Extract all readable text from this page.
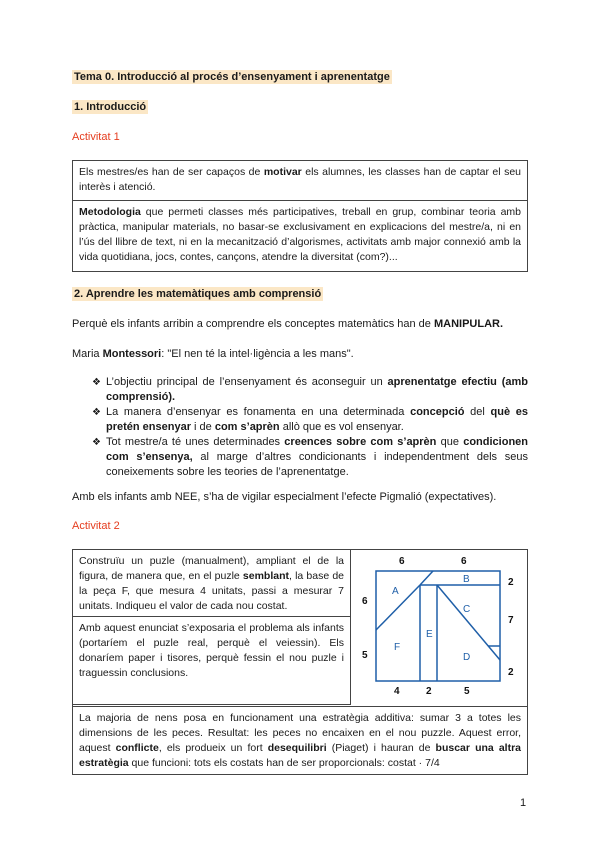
Tema 0. Introducció al procés d’ensenyament i aprenentatge
1. Introducció
Activitat 1
Els mestres/es han de ser capaços de motivar els alumnes, les classes han de captar el seu interès i atenció.
Metodologia que permeti classes més participatives, treball en grup, combinar teoria amb pràctica, manipular materials, no basar-se exclusivament en explicacions del mestre/a, ni en l’ús del llibre de text, ni en la mecanització d’algorismes, activitats amb major connexió amb la vida quotidiana, jocs, contes, cançons, atendre la diversitat (com?)...
2. Aprendre les matemàtiques amb comprensió

Perquè els infants arribin a comprendre els conceptes matemàtics han de MANIPULAR.

Maria Montessori: "El nen té la intel·ligència a les mans".

❖ L’objectiu principal de l’ensenyament és aconseguir un aprenentatge efectiu (amb comprensió).
❖ La manera d’ensenyar es fonamenta en una determinada concepció del què es pretén ensenyar i de com s’aprèn allò que es vol ensenyar.
❖ Tot mestre/a té unes determinades creences sobre com s’aprèn que condicionen com s’ensenya, al marge d’altres condicionants i independentment dels seus coneixements sobre les teories de l’aprenentatge.

Amb els infants amb NEE, s’ha de vigilar especialment l’efecte Pigmalió (expectatives).

Activitat 2
Construïu un puzle (manualment), ampliant el de la figura, de manera que, en el puzle semblant, la base de la peça F, que mesura 4 unitats, passi a mesurar 7 unitats. Indiqueu el valor de cada nou costat.
Amb aquest enunciat s’exposaria el problema als infants (portaríem el puzle real, perquè el veiessin). Els donaríem paper i tisores, perquè fessin el nou puzle i traguessin conclusions.
6	6
2
7
2
6
5
4	2	5
A
B
C
D
E
F
La majoria de nens posa en funcionament una estratègia additiva: sumar 3 a totes les dimensions de les peces. Resultat: les peces no encaixen en el nou puzzle. Aquest error, aquest conflicte, els produeix un fort desequilibri (Piaget) i hauran de buscar una altra estratègia que funcioni: tots els costats han de ser proporcionals: costat · 7/4
1
